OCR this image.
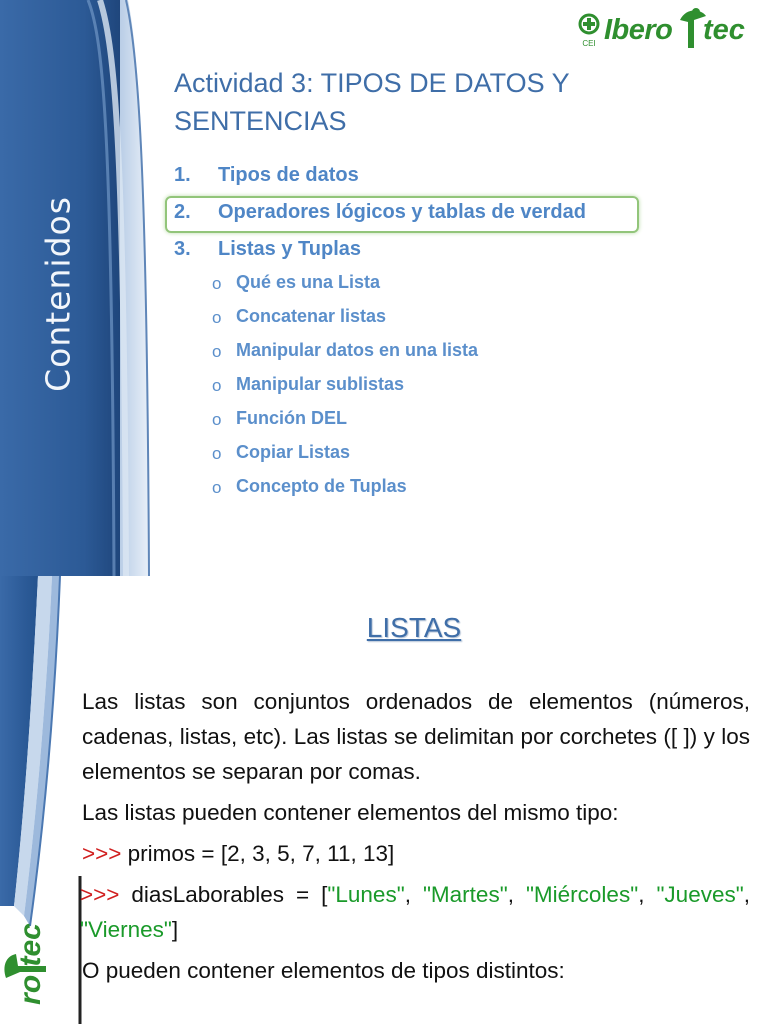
Contenidos
CEI Ibero tec
Actividad 3: TIPOS DE DATOS Y SENTENCIAS
1. Tipos de datos
2. Operadores lógicos y tablas de verdad
3. Listas y Tuplas
o Qué es una Lista
o Concatenar listas
o Manipular datos en una lista
o Manipular sublistas
o Función DEL
o Copiar Listas
o Concepto de Tuplas
ro tec
LISTAS

Las listas son conjuntos ordenados de elementos (números, cadenas, listas, etc). Las listas se delimitan por corchetes ([ ]) y los elementos se separan por comas.

Las listas pueden contener elementos del mismo tipo:

>>> primos = [2, 3, 5, 7, 11, 13]

>>> diasLaborables = ["Lunes", "Martes", "Miércoles", "Jueves", "Viernes"]

O pueden contener elementos de tipos distintos:
